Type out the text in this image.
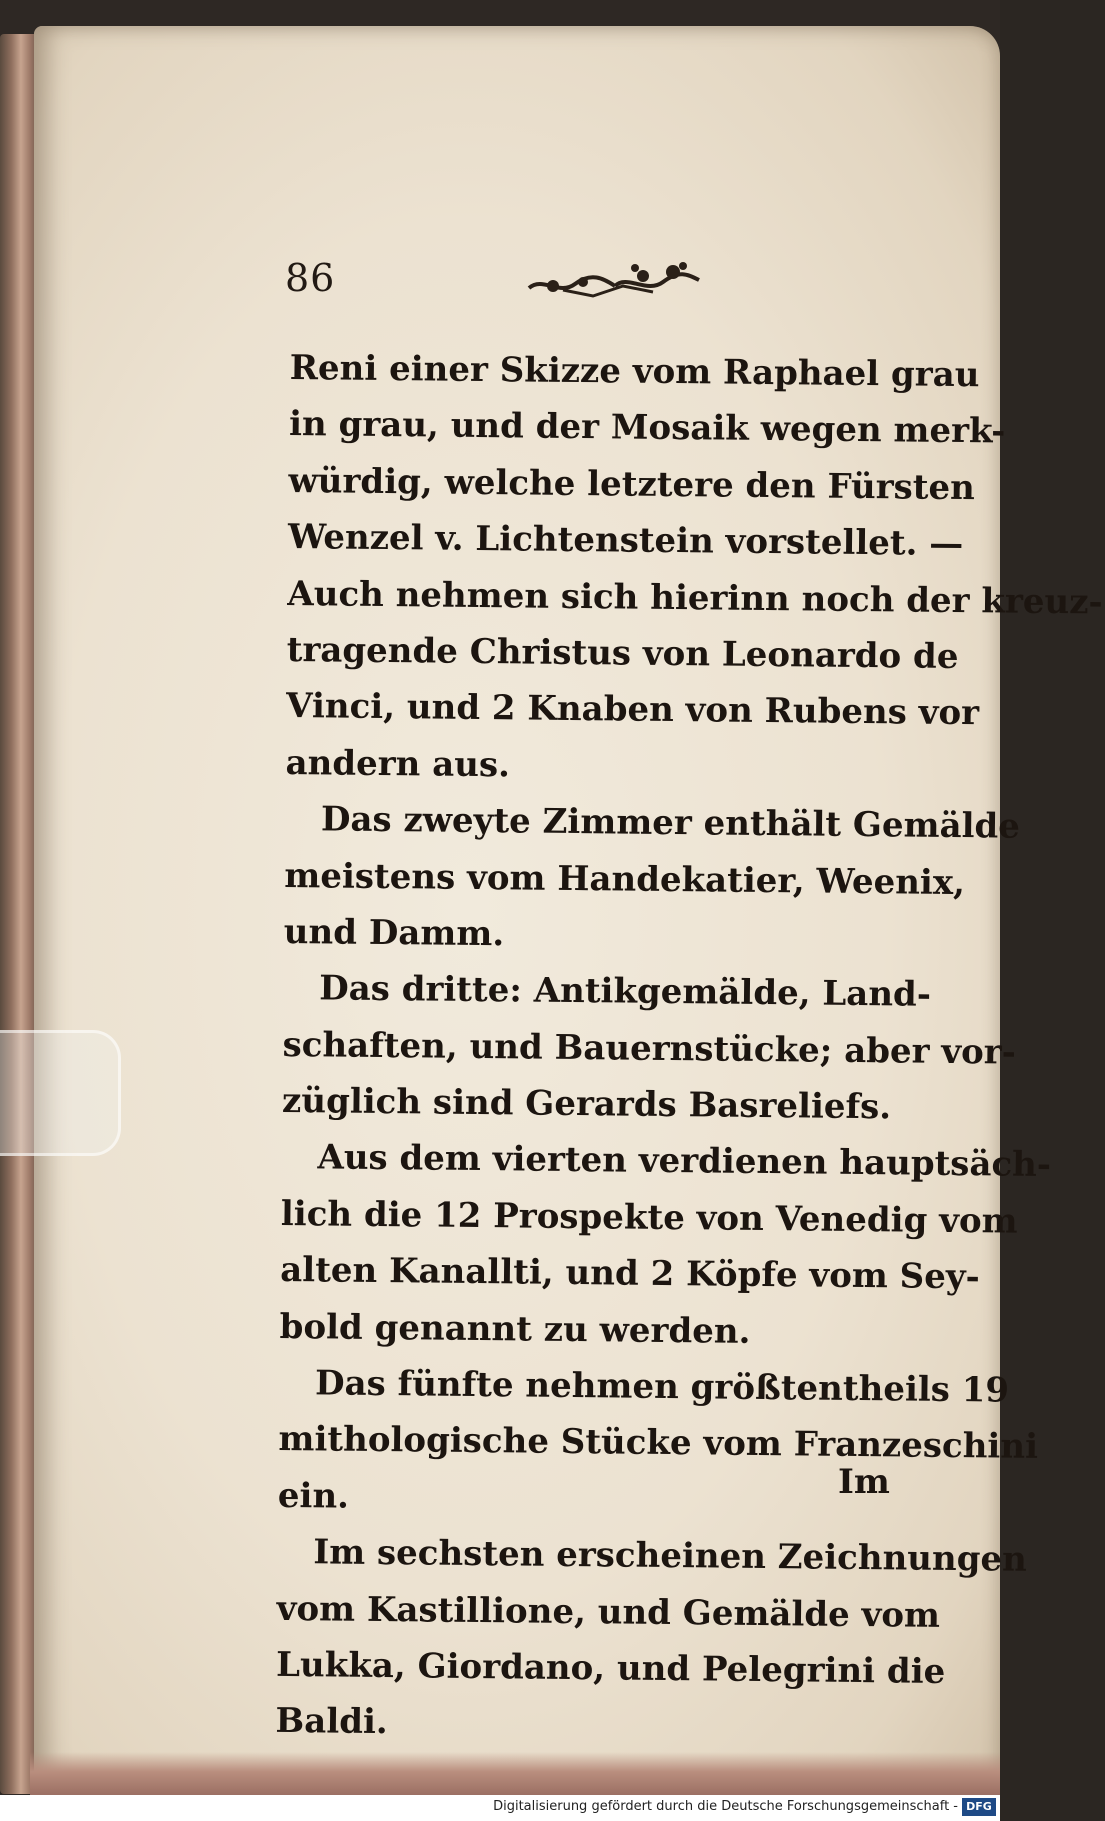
86
Reni einer Skizze vom Raphael grau
in grau, und der Mosaik wegen merk-
würdig, welche letztere den Fürsten
Wenzel v. Lichtenstein vorstellet. —
Auch nehmen sich hierinn noch der kreuz-
tragende Christus von Leonardo de
Vinci, und 2 Knaben von Rubens vor
andern aus.
Das zweyte Zimmer enthält Gemälde
meistens vom Handekatier, Weenix,
und Damm.
Das dritte: Antikgemälde, Land-
schaften, und Bauernstücke; aber vor-
züglich sind Gerards Basreliefs.
Aus dem vierten verdienen hauptsäch-
lich die 12 Prospekte von Venedig vom
alten Kanallti, und 2 Köpfe vom Sey-
bold genannt zu werden.
Das fünfte nehmen größtentheils 19
mithologische Stücke vom Franzeschini
ein.
Im sechsten erscheinen Zeichnungen
vom Kastillione, und Gemälde vom
Lukka, Giordano, und Pelegrini die
Baldi.
Im
Digitalisierung gefördert durch die Deutsche Forschungsgemeinschaft - DFG
